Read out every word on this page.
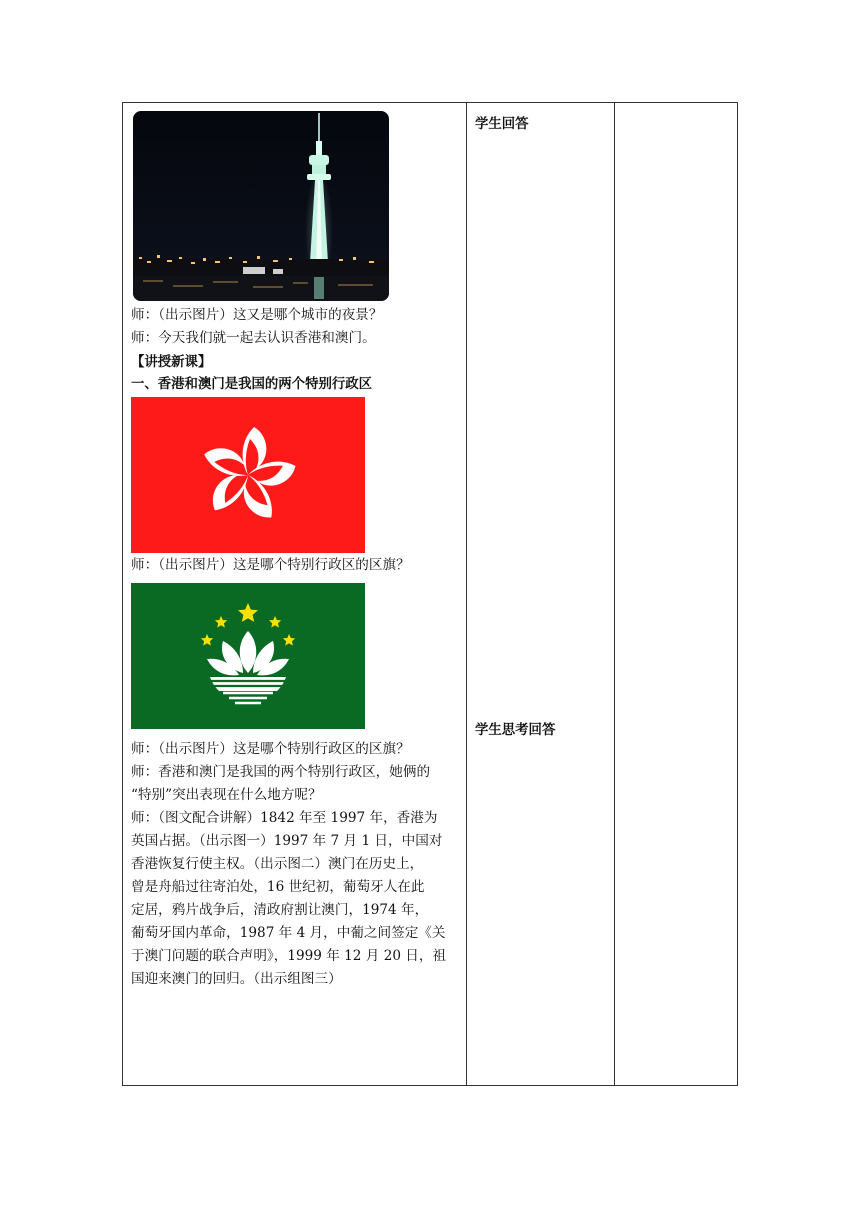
师：（出示图片）这又是哪个城市的夜景？
师：今天我们就一起去认识香港和澳门。
【讲授新课】
一、香港和澳门是我国的两个特别行政区
师：（出示图片）这是哪个特别行政区的区旗？
师：（出示图片）这是哪个特别行政区的区旗？
师：香港和澳门是我国的两个特别行政区，她俩的
“特别”突出表现在什么地方呢？
师：（图文配合讲解）1842 年至 1997 年，香港为
英国占据。（出示图一）1997 年 7 月 1 日，中国对
香港恢复行使主权。（出示图二）澳门在历史上，
曾是舟船过往寄泊处，16 世纪初，葡萄牙人在此
定居，鸦片战争后，清政府割让澳门，1974 年，
葡萄牙国内革命，1987 年 4 月，中葡之间签定《关
于澳门问题的联合声明》，1999 年 12 月 20 日，祖
国迎来澳门的回归。（出示组图三）
学生回答
学生思考回答
